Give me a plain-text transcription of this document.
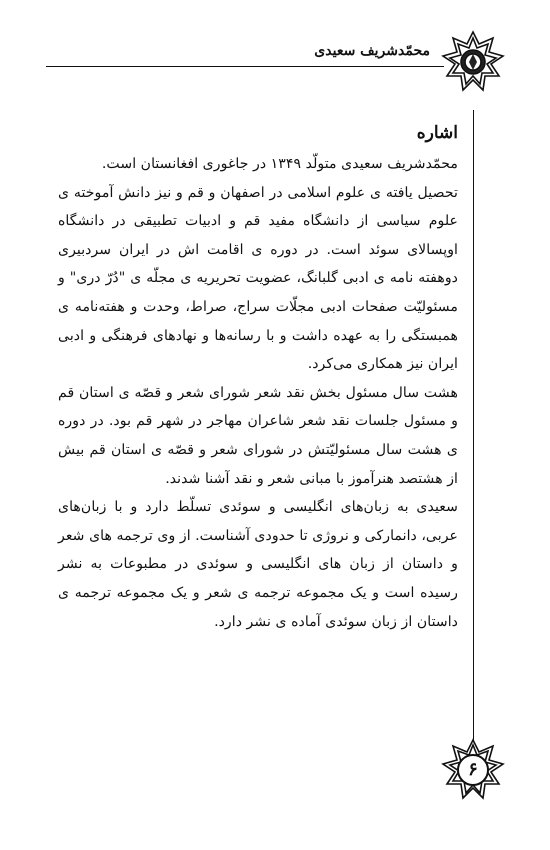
محمّدشریف سعیدی
اشاره

محمّدشریف سعیدی متولّد ۱۳۴۹ در جاغوری افغانستان است.

تحصیل یافته ی علوم اسلامی در اصفهان و قم و نیز دانش آموخته ی علوم سیاسی از دانشگاه مفید قم و ادبیات تطبیقی در دانشگاه اوپسالای سوئد است. در دوره ی اقامت اش در ایران سردبیری دوهفته نامه ی ادبی گلبانگ، عضویت تحریریه ی مجلّه ی "دُرّ دری" و مسئولیّت صفحات ادبی مجلّات سراج، صراط، وحدت و هفته‌نامه ی همبستگی را به عهده داشت و با رسانه‌ها و نهادهای فرهنگی و ادبی ایران نیز همکاری می‌کرد.

هشت سال مسئول بخش نقد شعر شورای شعر و قصّه ی استان قم و مسئول جلسات نقد شعر شاعران مهاجر در شهر قم بود. در دوره ی هشت سال مسئولیّتش در شورای شعر و قصّه ی استان قم بیش از هشتصد هنرآموز با مبانی شعر و نقد آشنا شدند.

سعیدی به زبان‌های انگلیسی و سوئدی تسلّط دارد و با زبان‌های عربی، دانمارکی و نروژی تا حدودی آشناست. از وی ترجمه های شعر و داستان از زبان های انگلیسی و سوئدی در مطبوعات به نشر رسیده است و یک مجموعه ترجمه ی شعر و یک مجموعه ترجمه ی داستان از زبان سوئدی آماده ی نشر دارد.

۶
